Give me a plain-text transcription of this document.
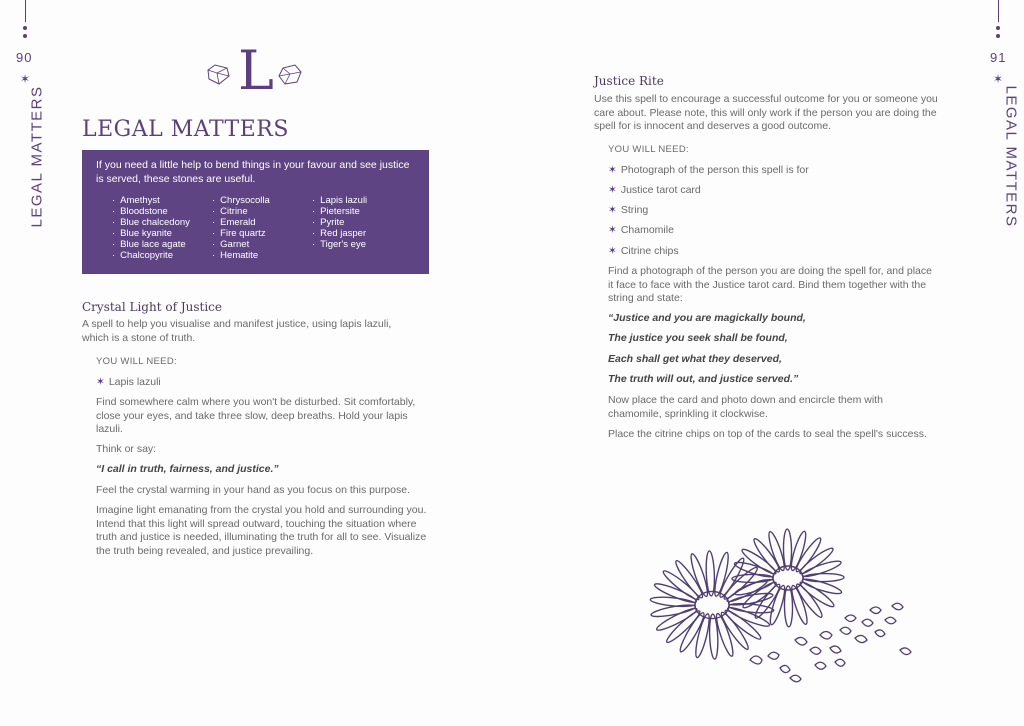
90
✶
LEGAL MATTERS
91
✶
LEGAL MATTERS
L
LEGAL MATTERS
If you need a little help to bend things in your favour and see justice is served, these stones are useful.
· Amethyst
· Bloodstone
· Blue chalcedony
· Blue kyanite
· Blue lace agate
· Chalcopyrite
· Chrysocolla
· Citrine
· Emerald
· Fire quartz
· Garnet
· Hematite
· Lapis lazuli
· Pietersite
· Pyrite
· Red jasper
· Tiger's eye
Crystal Light of Justice
A spell to help you visualise and manifest justice, using lapis lazuli, which is a stone of truth.
YOU WILL NEED:
✶ Lapis lazuli
Find somewhere calm where you won't be disturbed. Sit comfortably, close your eyes, and take three slow, deep breaths. Hold your lapis lazuli.
Think or say:
“I call in truth, fairness, and justice.”
Feel the crystal warming in your hand as you focus on this purpose.
Imagine light emanating from the crystal you hold and surrounding you. Intend that this light will spread outward, touching the situation where truth and justice is needed, illuminating the truth for all to see. Visualize the truth being revealed, and justice prevailing.
Justice Rite
Use this spell to encourage a successful outcome for you or someone you care about. Please note, this will only work if the person you are doing the spell for is innocent and deserves a good outcome.
YOU WILL NEED:
✶ Photograph of the person this spell is for
✶ Justice tarot card
✶ String
✶ Chamomile
✶ Citrine chips
Find a photograph of the person you are doing the spell for, and place it face to face with the Justice tarot card. Bind them together with the string and state:
“Justice and you are magickally bound,
The justice you seek shall be found,
Each shall get what they deserved,
The truth will out, and justice served.”
Now place the card and photo down and encircle them with chamomile, sprinkling it clockwise.
Place the citrine chips on top of the cards to seal the spell's success.
